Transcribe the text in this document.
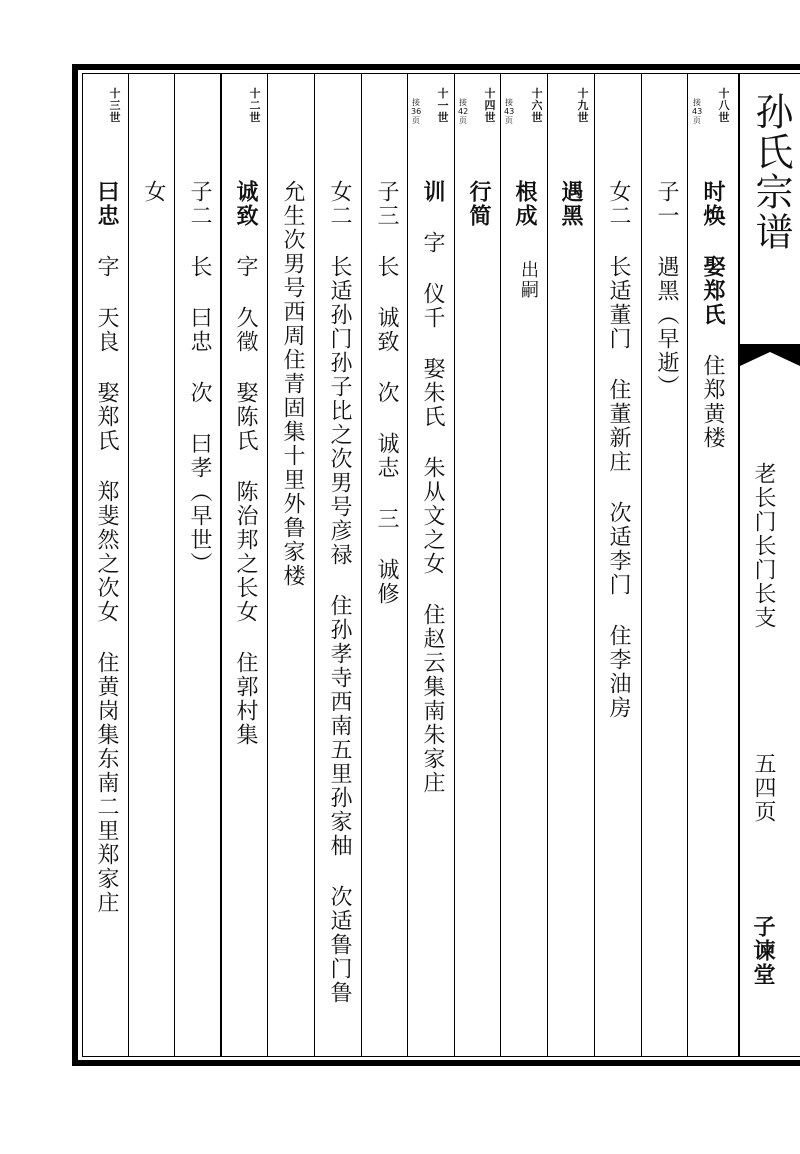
孙氏宗谱
老长门长门长支
五四页
子谏堂
十
八
世
接
43
页
时焕 娶郑氏 住郑黄楼
子一 遇黑（早逝）
女二 长适董门 住董新庄 次适李门 住李油房
十
九
世
遇黑
十
六
世
接
43
页
根成
出嗣
十
四
世
接
42
页
行简
十
一
世
接
36
页
训 字 仪千 娶朱氏 朱从文之女 住赵云集南朱家庄
子三 长 诚致 次 诚志 三 诚修
女二 长适孙门孙子比之次男号彦禄 住孙孝寺西南五里孙家柚 次适鲁门鲁
允生次男号西周住青固集十里外鲁家楼
十
二
世
诚致 字 久徵 娶陈氏 陈治邦之长女 住郭村集
子二 长 曰忠 次 曰孝（早世）
女
十
三
世
曰忠 字 天良 娶郑氏 郑斐然之次女 住黄岗集东南二里郑家庄
